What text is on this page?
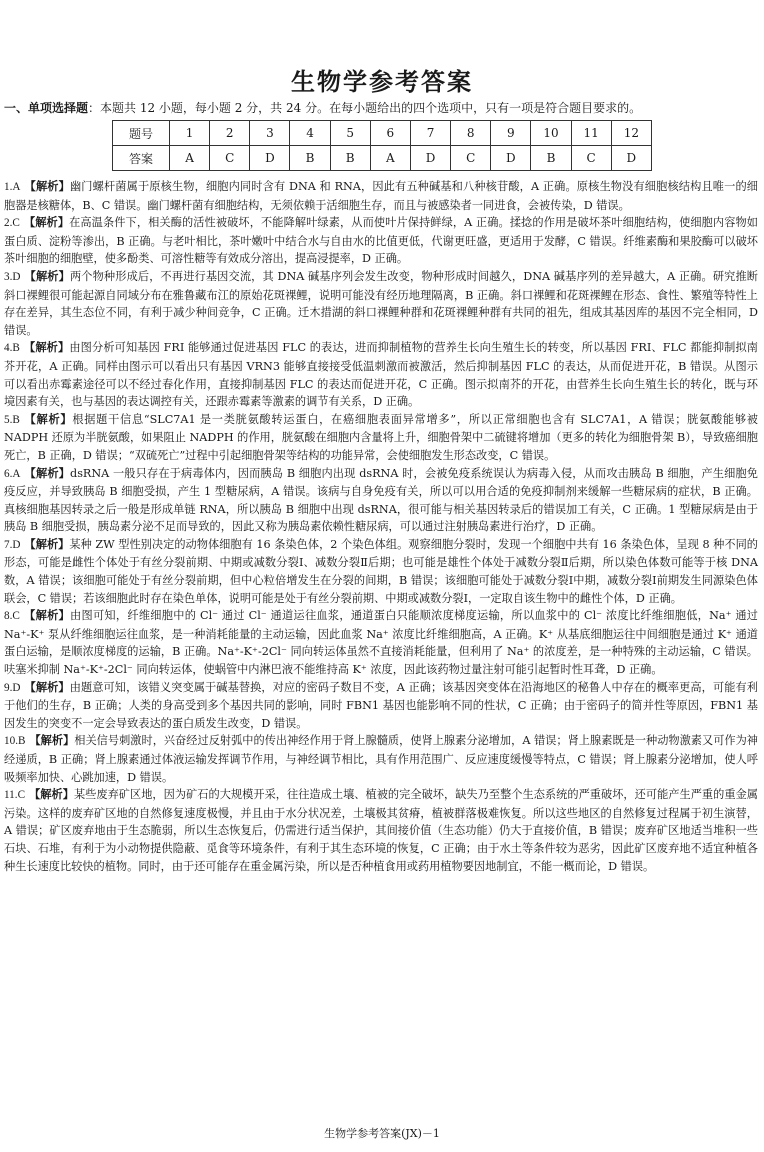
生物学参考答案
一、单项选择题：本题共 12 小题，每小题 2 分，共 24 分。在每小题给出的四个选项中，只有一项是符合题目要求的。
题号	1	2	3	4	5	6	7	8	9	10	11	12
答案	A	C	D	B	B	A	D	C	D	B	C	D
1.A 【解析】幽门螺杆菌属于原核生物，细胞内同时含有 DNA 和 RNA，因此有五种碱基和八种核苷酸，A 正确。原核生物没有细胞核结构且唯一的细胞器是核糖体，B、C 错误。幽门螺杆菌有细胞结构，无须依赖于活细胞生存，而且与被感染者一同进食，会被传染，D 错误。
2.C 【解析】在高温条件下，相关酶的活性被破坏，不能降解叶绿素，从而使叶片保持鲜绿，A 正确。揉捻的作用是破坏茶叶细胞结构，使细胞内容物如蛋白质、淀粉等渗出，B 正确。与老叶相比，茶叶嫩叶中结合水与自由水的比值更低，代谢更旺盛，更适用于发酵，C 错误。纤维素酶和果胶酶可以破坏茶叶细胞的细胞壁，使多酚类、可溶性糖等有效成分溶出，提高浸提率，D 正确。
3.D 【解析】两个物种形成后，不再进行基因交流，其 DNA 碱基序列会发生改变，物种形成时间越久，DNA 碱基序列的差异越大，A 正确。研究推断斜口裸鲤很可能起源自同域分布在雅鲁藏布江的原始花斑裸鲤，说明可能没有经历地理隔离，B 正确。斜口裸鲤和花斑裸鲤在形态、食性、繁殖等特性上存在差异，其生态位不同，有利于减少种间竞争，C 正确。迁木措湖的斜口裸鲤种群和花斑裸鲤种群有共同的祖先，组成其基因库的基因不完全相同，D 错误。
4.B 【解析】由图分析可知基因 FRI 能够通过促进基因 FLC 的表达，进而抑制植物的营养生长向生殖生长的转变，所以基因 FRI、FLC 都能抑制拟南芥开花，A 正确。同样由图示可以看出只有基因 VRN3 能够直接接受低温刺激而被激活，然后抑制基因 FLC 的表达，从而促进开花，B 错误。从图示可以看出赤霉素途径可以不经过春化作用，直接抑制基因 FLC 的表达而促进开花，C 正确。图示拟南芥的开花，由营养生长向生殖生长的转化，既与环境因素有关，也与基因的表达调控有关，还跟赤霉素等激素的调节有关系，D 正确。
5.B 【解析】根据题干信息“SLC7A1 是一类胱氨酸转运蛋白，在癌细胞表面异常增多”，所以正常细胞也含有 SLC7A1，A 错误；胱氨酸能够被 NADPH 还原为半胱氨酸，如果阻止 NADPH 的作用，胱氨酸在细胞内含量将上升，细胞骨架中二硫键将增加（更多的转化为细胞骨架 B），导致癌细胞死亡，B 正确，D 错误；“双硫死亡”过程中引起细胞骨架等结构的功能异常，会使细胞发生形态改变，C 错误。
6.A 【解析】dsRNA 一般只存在于病毒体内，因而胰岛 B 细胞内出现 dsRNA 时，会被免疫系统误认为病毒入侵，从而攻击胰岛 B 细胞，产生细胞免疫反应，并导致胰岛 B 细胞受损，产生 1 型糖尿病，A 错误。该病与自身免疫有关，所以可以用合适的免疫抑制剂来缓解一些糖尿病的症状，B 正确。真核细胞基因转录之后一般是形成单链 RNA，所以胰岛 B 细胞中出现 dsRNA，很可能与相关基因转录后的错误加工有关，C 正确。1 型糖尿病是由于胰岛 B 细胞受损，胰岛素分泌不足而导致的，因此又称为胰岛素依赖性糖尿病，可以通过注射胰岛素进行治疗，D 正确。
7.D 【解析】某种 ZW 型性别决定的动物体细胞有 16 条染色体，2 个染色体组。观察细胞分裂时，发现一个细胞中共有 16 条染色体，呈现 8 种不同的形态，可能是雌性个体处于有丝分裂前期、中期或减数分裂Ⅰ、减数分裂Ⅱ后期；也可能是雄性个体处于减数分裂Ⅱ后期，所以染色体数可能等于核 DNA 数，A 错误；该细胞可能处于有丝分裂前期，但中心粒倍增发生在分裂的间期，B 错误；该细胞可能处于减数分裂Ⅰ中期，减数分裂Ⅰ前期发生同源染色体联会，C 错误；若该细胞此时存在染色单体，说明可能是处于有丝分裂前期、中期或减数分裂Ⅰ，一定取自该生物中的雌性个体，D 正确。
8.C 【解析】由图可知，纤维细胞中的 Cl⁻ 通过 Cl⁻ 通道运往血浆，通道蛋白只能顺浓度梯度运输，所以血浆中的 Cl⁻ 浓度比纤维细胞低，Na⁺ 通过 Na⁺-K⁺ 泵从纤维细胞运往血浆，是一种消耗能量的主动运输，因此血浆 Na⁺ 浓度比纤维细胞高，A 正确。K⁺ 从基底细胞运往中间细胞是通过 K⁺ 通道蛋白运输，是顺浓度梯度的运输，B 正确。Na⁺-K⁺-2Cl⁻ 同向转运体虽然不直接消耗能量，但利用了 Na⁺ 的浓度差，是一种特殊的主动运输，C 错误。呋塞米抑制 Na⁺-K⁺-2Cl⁻ 同向转运体，使蜗管中内淋巴液不能维持高 K⁺ 浓度，因此该药物过量注射可能引起暂时性耳聋，D 正确。
9.D 【解析】由题意可知，该错义突变属于碱基替换，对应的密码子数目不变，A 正确；该基因突变体在沿海地区的秘鲁人中存在的概率更高，可能有利于他们的生存，B 正确；人类的身高受到多个基因共同的影响，同时 FBN1 基因也能影响不同的性状，C 正确；由于密码子的简并性等原因，FBN1 基因发生的突变不一定会导致表达的蛋白质发生改变，D 错误。
10.B 【解析】相关信号刺激时，兴奋经过反射弧中的传出神经作用于肾上腺髓质，使肾上腺素分泌增加，A 错误；肾上腺素既是一种动物激素又可作为神经递质，B 正确；肾上腺素通过体液运输发挥调节作用，与神经调节相比，具有作用范围广、反应速度缓慢等特点，C 错误；肾上腺素分泌增加，使人呼吸频率加快、心跳加速，D 错误。
11.C 【解析】某些废弃矿区地，因为矿石的大规模开采，往往造成土壤、植被的完全破坏，缺失乃至整个生态系统的严重破坏，还可能产生严重的重金属污染。这样的废弃矿区地的自然修复速度极慢，并且由于水分状况差，土壤极其贫瘠，植被群落极难恢复。所以这些地区的自然修复过程属于初生演替，A 错误；矿区废弃地由于生态脆弱，所以生态恢复后，仍需进行适当保护，其间接价值（生态功能）仍大于直接价值，B 错误；废弃矿区地适当堆积一些石块、石堆，有利于为小动物提供隐蔽、觅食等环境条件，有利于其生态环境的恢复，C 正确；由于水土等条件较为恶劣，因此矿区废弃地不适宜种植各种生长速度比较快的植物。同时，由于还可能存在重金属污染，所以是否种植食用或药用植物要因地制宜，不能一概而论，D 错误。
生物学参考答案(JX)－1
